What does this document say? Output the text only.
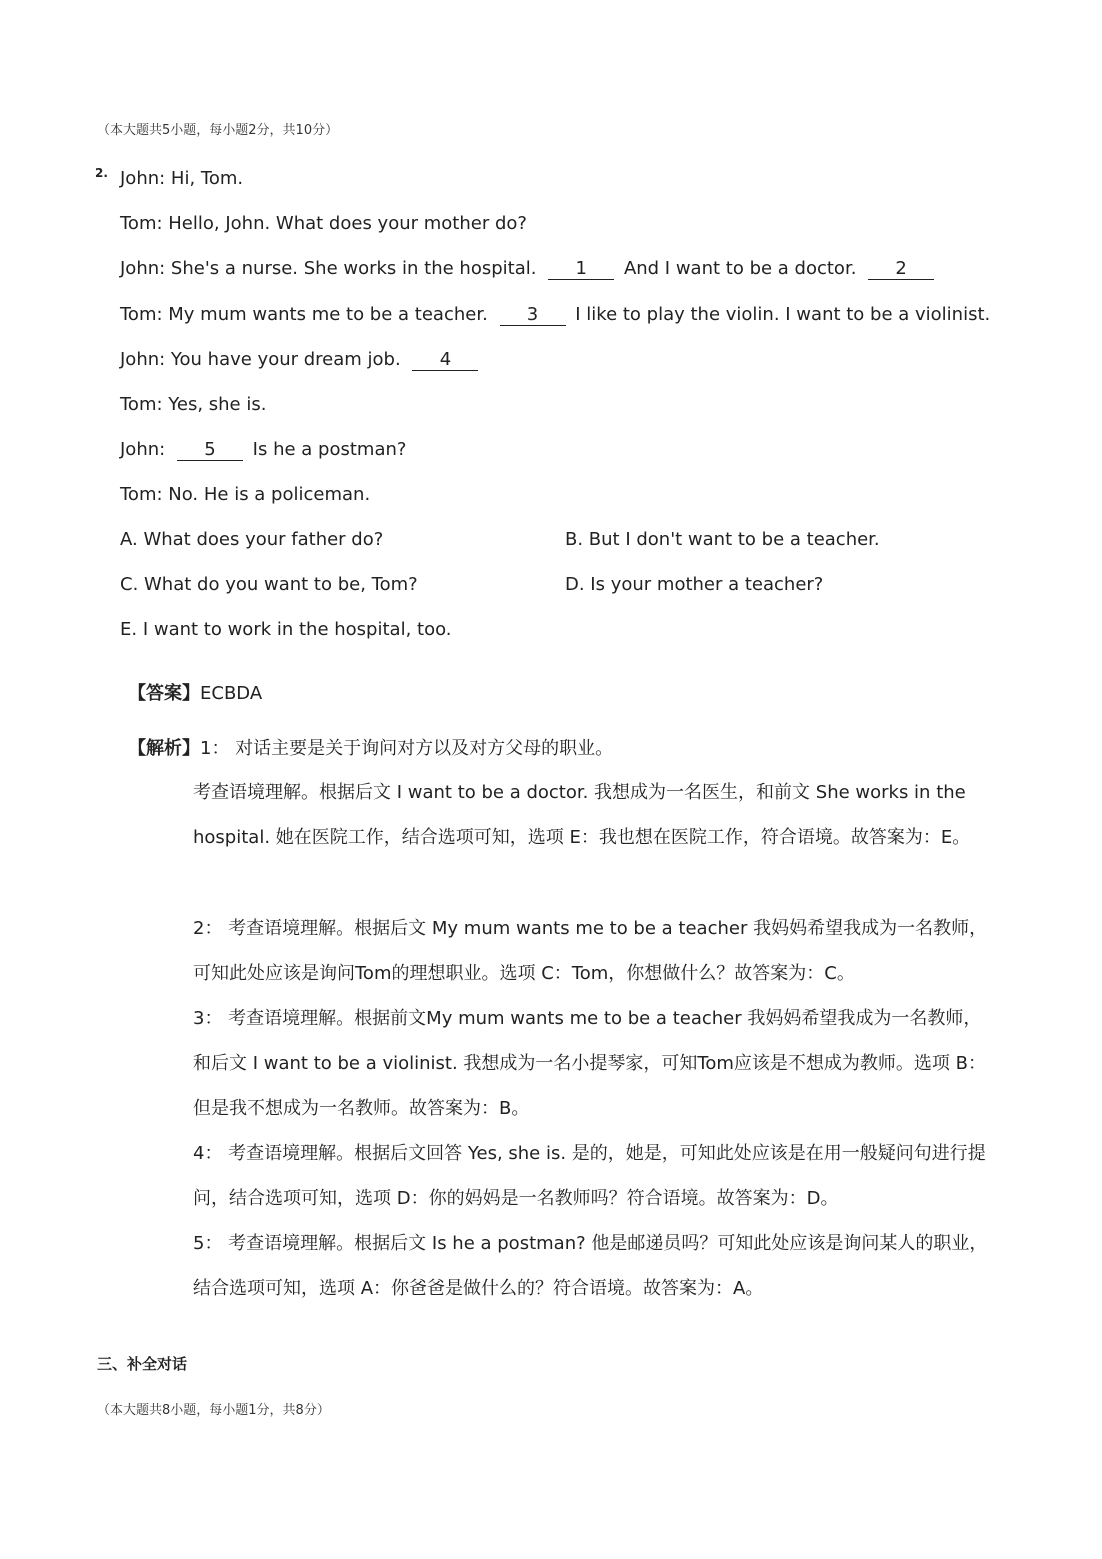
（本大题共5小题，每小题2分，共10分）
2. John: Hi, Tom.
Tom: Hello, John. What does your mother do?
John: She's a nurse. She works in the hospital. 1 And I want to be a doctor. 2
Tom: My mum wants me to be a teacher. 3 I like to play the violin. I want to be a violinist.
John: You have your dream job. 4
Tom: Yes, she is.
John: 5 Is he a postman?
Tom: No. He is a policeman.
A. What does your father do?	B. But I don't want to be a teacher.
C. What do you want to be, Tom?	D. Is your mother a teacher?
E. I want to work in the hospital, too.
【答案】ECBDA
【解析】1： 对话主要是关于询问对方以及对方父母的职业。
考查语境理解。根据后文 I want to be a doctor. 我想成为一名医生，和前文 She works in the hospital. 她在医院工作，结合选项可知，选项 E：我也想在医院工作，符合语境。故答案为：E。
2： 考查语境理解。根据后文 My mum wants me to be a teacher 我妈妈希望我成为一名教师，可知此处应该是询问Tom的理想职业。选项 C：Tom，你想做什么？故答案为：C。
3： 考查语境理解。根据前文My mum wants me to be a teacher 我妈妈希望我成为一名教师，和后文 I want to be a violinist. 我想成为一名小提琴家，可知Tom应该是不想成为教师。选项 B：但是我不想成为一名教师。故答案为：B。
4： 考查语境理解。根据后文回答 Yes, she is. 是的，她是，可知此处应该是在用一般疑问句进行提问，结合选项可知，选项 D：你的妈妈是一名教师吗？符合语境。故答案为：D。
5： 考查语境理解。根据后文 Is he a postman? 他是邮递员吗？可知此处应该是询问某人的职业，结合选项可知，选项 A：你爸爸是做什么的？符合语境。故答案为：A。
三、补全对话
（本大题共8小题，每小题1分，共8分）
